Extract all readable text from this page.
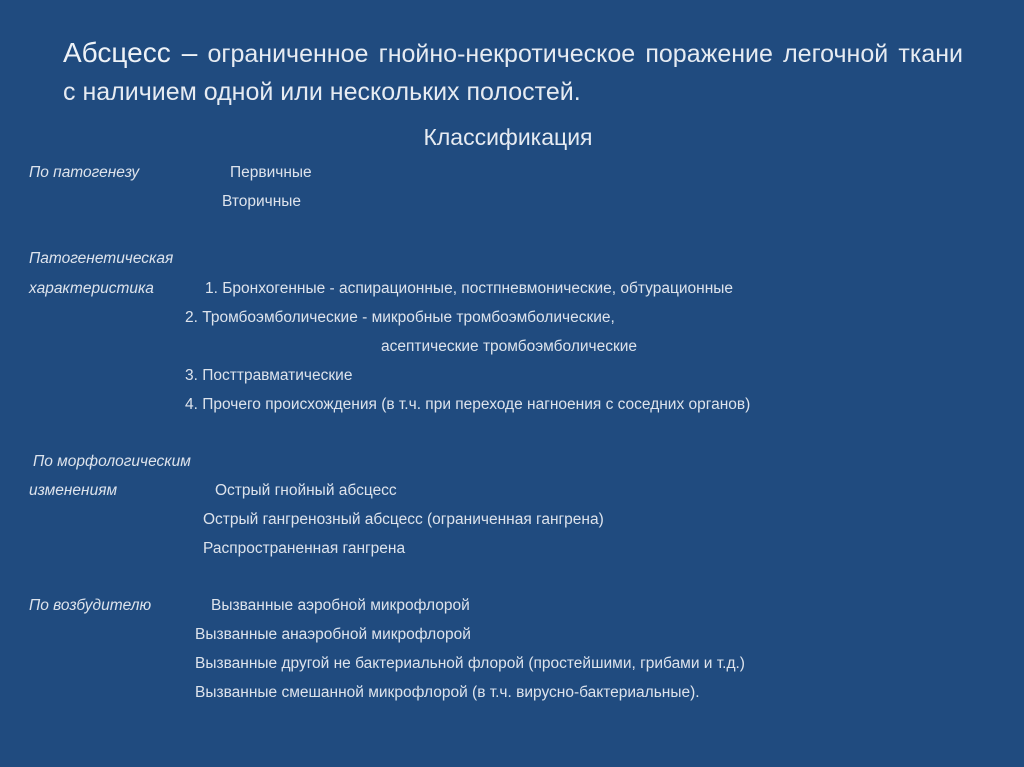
Абсцесс – ограниченное гнойно-некротическое поражение легочной ткани с наличием одной или нескольких полостей.
Классификация
По патогенезу	Первичные
Вторичные
Патогенетическая
характеристика	1. Бронхогенные - аспирационные, постпневмонические, обтурационные
2. Тромбоэмболические - микробные тромбоэмболические,
асептические тромбоэмболические
3. Посттравматические
4. Прочего происхождения (в т.ч. при переходе нагноения с соседних органов)
По морфологическим
изменениям	Острый гнойный абсцесс
Острый гангренозный абсцесс (ограниченная гангрена)
Распространенная гангрена
По возбудителю	Вызванные аэробной микрофлорой
Вызванные анаэробной микрофлорой
Вызванные другой не бактериальной флорой (простейшими, грибами и т.д.)
Вызванные смешанной микрофлорой (в т.ч. вирусно-бактериальные).
